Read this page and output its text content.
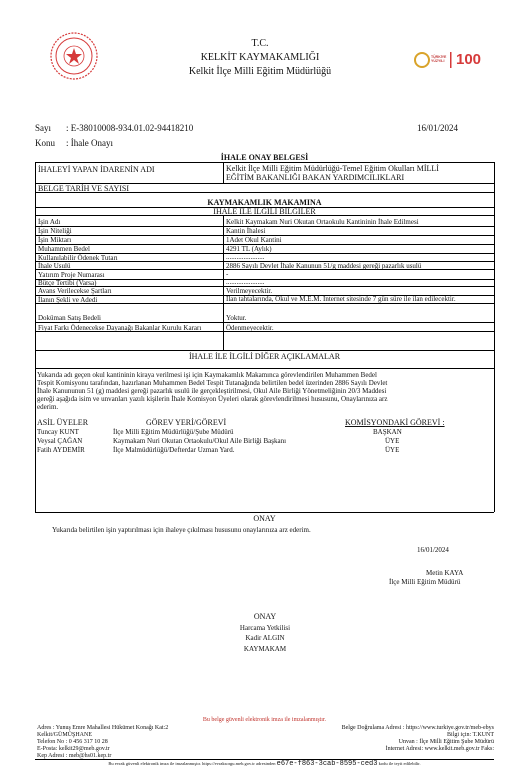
T.C.
KELKİT KAYMAKAMLIĞI
Kelkit İlçe Milli Eğitim Müdürlüğü
TÜRKİYE YÜZYILI 100
Sayı : E-38010008-934.01.02-94418210	16/01/2024
Konu : İhale Onayı
İHALE ONAY BELGESİ
İHALEYİ YAPAN İDARENİN ADI	Kelkit İlçe Milli Eğitim Müdürlüğü-Temel Eğitim Okulları MİLLİ
EĞİTİM BAKANLIĞI BAKAN YARDIMCILIKLARI
BELGE TARİH VE SAYISI
KAYMAKAMLIK MAKAMINA
İHALE İLE İLGİLİ BİLGİLER
İşin Adı	Kelkit Kaymakam Nuri Okutan Ortaokulu Kantininin İhale Edilmesi
İşin Niteliği	Kantin İhalesi
İşin Miktarı	1Adet Okul Kantini
Muhammen Bedel	4291 TL (Aylık)
Kullanılabilir Ödenek Tutarı	......................
İhale Usulü	2886 Sayılı Devlet İhale Kanunun 51/g maddesi gereği pazarlık usulü
Yatırım Proje Numarası	-
Bütçe Tertibi (Varsa)	......................
Avans Verilecekse Şartları	Verilmeyecektir.
İlanın Şekli ve Adedi	İlan tahtalarında, Okul ve M.E.M. İnternet sitesinde 7 gün süre ile ilan edilecektir.
Doküman Satış Bedeli	Yoktur.
Fiyat Farkı Ödenecekse Dayanağı Bakanlar Kurulu Kararı	Ödenmeyecektir.
İHALE İLE İLGİLİ DİĞER AÇIKLAMALAR
Yukarıda adı geçen okul kantininin kiraya verilmesi işi için Kaymakamlık Makamınca görevlendirilen Muhammen Bedel
Tespit Komisyonu tarafından, hazırlanan Muhammen Bedel Tespit Tutanağında belirtilen bedel üzerinden 2886 Sayılı Devlet
İhale Kanununun 51 (g) maddesi gereği pazarlık usulü ile gerçekleştirilmesi, Okul Aile Birliği Yönetmeliğinin 20/3 Maddesi
gereği aşağıda isim ve unvanları yazılı kişilerin İhale Komisyon Üyeleri olarak görevlendirilmesi hususunu, Onaylarınıza arz
ederim.
ASİL ÜYELER	GÖREV YERİ/GÖREVİ	KOMİSYONDAKİ GÖREVİ :
Tuncay KUNT	İlçe Milli Eğitim Müdürlüğü/Şube Müdürü	BAŞKAN
Veysal ÇAĞAN	Kaymakam Nuri Okutan Ortaokulu/Okul Aile Birliği Başkanı	ÜYE
Fatih AYDEMİR	İlçe Malmüdürlüğü/Defterdar Uzman Yard.	ÜYE
ONAY
Yukarıda belirtilen işin yaptırılması için ihaleye çıkılması hususunu onaylarınıza arz ederim.
16/01/2024
Metin KAYA
İlçe Milli Eğitim Müdürü
ONAY
Harcama Yetkilisi
Kadir ALGIN
KAYMAKAM
Bu belge güvenli elektronik imza ile imzalanmıştır.
Adres : Yunuş Emre Mahallesi Hükümet Konağı Kat:2
Kelkit/GÜMÜŞHANE
Telefon No : 0 456 317 10 28
E-Posta: kelkit29@meb.gov.tr
Kep Adresi : meb@hs01.kep.tr
Belge Doğrulama Adresi : https://www.turkiye.gov.tr/meb-ebys
Bilgi için: T.KUNT
Unvan : İlçe Milli Eğitim Şube Müdürü
İnternet Adresi: www.kelkit.meb.gov.tr Faks:
Bu evrak güvenli elektronik imza ile imzalanmıştır. https://evraksorgu.meb.gov.tr adresinden e67e-f863-3cab-8595-ced3 kodu ile teyit edilebilir.
